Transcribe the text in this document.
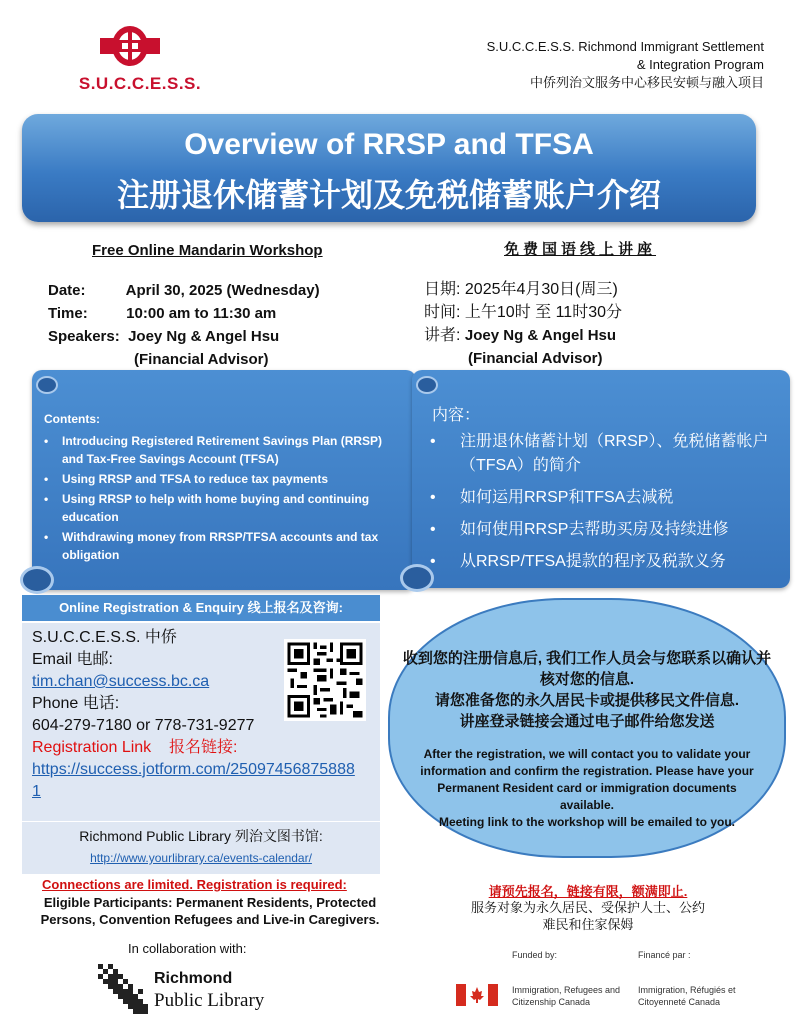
S.U.C.C.E.S.S.
S.U.C.C.E.S.S. Richmond Immigrant Settlement
& Integration Program
中侨列治文服务中心移民安顿与融入项目
Overview of RRSP and TFSA
注册退休储蓄计划及免税储蓄账户介绍
Free Online Mandarin Workshop	免费国语线上讲座
Date:	April 30, 2025 (Wednesday)
Time:	10:00 am to 11:30 am
Speakers: Joey Ng & Angel Hsu
(Financial Advisor)
日期: 2025年4月30日(周三)
时间: 上午10时 至 11时30分
讲者: Joey Ng & Angel Hsu
(Financial Advisor)
Contents:
• Introducing Registered Retirement Savings Plan (RRSP) and Tax-Free Savings Account (TFSA)
• Using RRSP and TFSA to reduce tax payments
• Using RRSP to help with home buying and continuing education
• Withdrawing money from RRSP/TFSA accounts and tax obligation
内容：
• 注册退休储蓄计划（RRSP）、免税储蓄帐户（TFSA）的简介
• 如何运用RRSP和TFSA去减税
• 如何使用RRSP去帮助买房及持续进修
• 从RRSP/TFSA提款的程序及税款义务
Online Registration & Enquiry 线上报名及咨询:
S.U.C.C.E.S.S. 中侨
Email 电邮:
tim.chan@success.bc.ca
Phone 电话:
604-279-7180 or 778-731-9277
Registration Link    报名链接:
https://success.jotform.com/250974568758881
Richmond Public Library 列治文图书馆:
http://www.yourlibrary.ca/events-calendar/
收到您的注册信息后, 我们工作人员会与您联系以确认并核对您的信息.
请您准备您的永久居民卡或提供移民文件信息.
讲座登录链接会通过电子邮件给您发送
After the registration, we will contact you to validate your information and confirm the registration. Please have your Permanent Resident card or immigration documents available.
Meeting link to the workshop will be emailed to you.
Connections are limited. Registration is required:
Eligible Participants: Permanent Residents, Protected Persons, Convention Refugees and Live-in Caregivers.
请预先报名，链接有限，额满即止.
服务对象为永久居民、受保护人士、公约难民和住家保姆
In collaboration with:
Richmond
Public Library
Funded by:	Financé par :
Immigration, Refugees and Citizenship Canada
Immigration, Réfugiés et Citoyenneté Canada
